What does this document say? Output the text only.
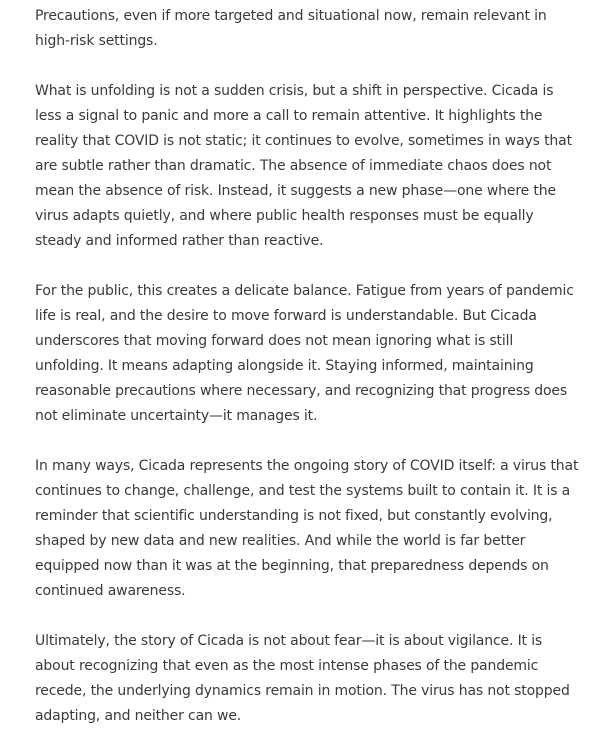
Precautions, even if more targeted and situational now, remain relevant in high-risk settings.

What is unfolding is not a sudden crisis, but a shift in perspective. Cicada is less a signal to panic and more a call to remain attentive. It highlights the reality that COVID is not static; it continues to evolve, sometimes in ways that are subtle rather than dramatic. The absence of immediate chaos does not mean the absence of risk. Instead, it suggests a new phase—one where the virus adapts quietly, and where public health responses must be equally steady and informed rather than reactive.

For the public, this creates a delicate balance. Fatigue from years of pandemic life is real, and the desire to move forward is understandable. But Cicada underscores that moving forward does not mean ignoring what is still unfolding. It means adapting alongside it. Staying informed, maintaining reasonable precautions where necessary, and recognizing that progress does not eliminate uncertainty—it manages it.

In many ways, Cicada represents the ongoing story of COVID itself: a virus that continues to change, challenge, and test the systems built to contain it. It is a reminder that scientific understanding is not fixed, but constantly evolving, shaped by new data and new realities. And while the world is far better equipped now than it was at the beginning, that preparedness depends on continued awareness.

Ultimately, the story of Cicada is not about fear—it is about vigilance. It is about recognizing that even as the most intense phases of the pandemic recede, the underlying dynamics remain in motion. The virus has not stopped adapting, and neither can we.
